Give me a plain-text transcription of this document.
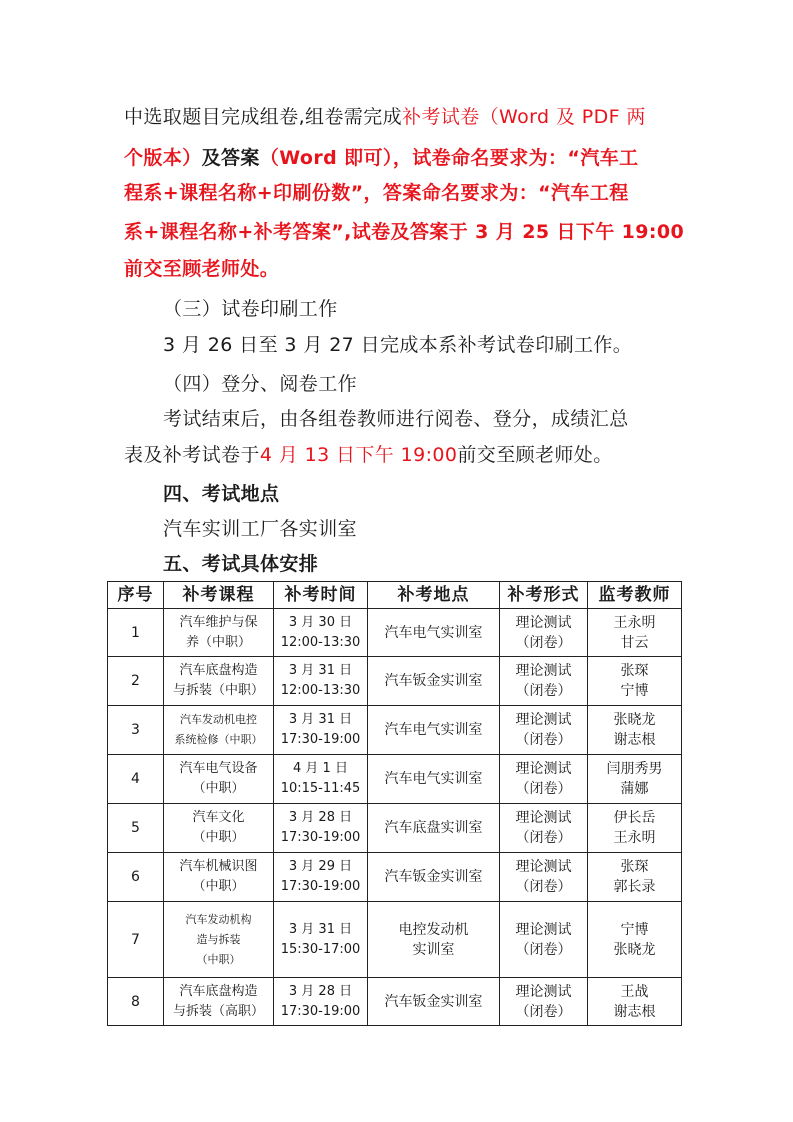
中选取题目完成组卷,组卷需完成补考试卷（Word 及 PDF 两
个版本）及答案（Word 即可），试卷命名要求为：“汽车工
程系+课程名称+印刷份数”，答案命名要求为：“汽车工程
系+课程名称+补考答案”,试卷及答案于 3 月 25 日下午 19:00
前交至顾老师处。
（三）试卷印刷工作
3 月 26 日至 3 月 27 日完成本系补考试卷印刷工作。
（四）登分、阅卷工作
考试结束后，由各组卷教师进行阅卷、登分，成绩汇总
表及补考试卷于4 月 13 日下午 19:00前交至顾老师处。
四、考试地点
汽车实训工厂各实训室
五、考试具体安排
序号	补考课程	补考时间	补考地点	补考形式	监考教师
1	汽车维护与保
养（中职）	3 月 30 日
12:00-13:30	汽车电气实训室	理论测试
（闭卷）	王永明
甘云

2	汽车底盘构造
与拆装（中职）	3 月 31 日
12:00-13:30	汽车钣金实训室	理论测试
（闭卷）	张琛
宁博

3	汽车发动机电控
系统检修（中职）	3 月 31 日
17:30-19:00	汽车电气实训室	理论测试
（闭卷）	张晓龙
谢志根

4	汽车电气设备
（中职）	4 月 1 日
10:15-11:45	汽车电气实训室	理论测试
（闭卷）	闫朋秀男
蒲娜

5	汽车文化
（中职）	3 月 28 日
17:30-19:00	汽车底盘实训室	理论测试
（闭卷）	伊长岳
王永明

6	汽车机械识图
（中职）	3 月 29 日
17:30-19:00	汽车钣金实训室	理论测试
（闭卷）	张琛
郭长录

7	汽车发动机构
造与拆装
（中职）	3 月 31 日
15:30-17:00	电控发动机
实训室	理论测试
（闭卷）	宁博
张晓龙

8	汽车底盘构造
与拆装（高职）	3 月 28 日
17:30-19:00	汽车钣金实训室	理论测试
（闭卷）	王战
谢志根
